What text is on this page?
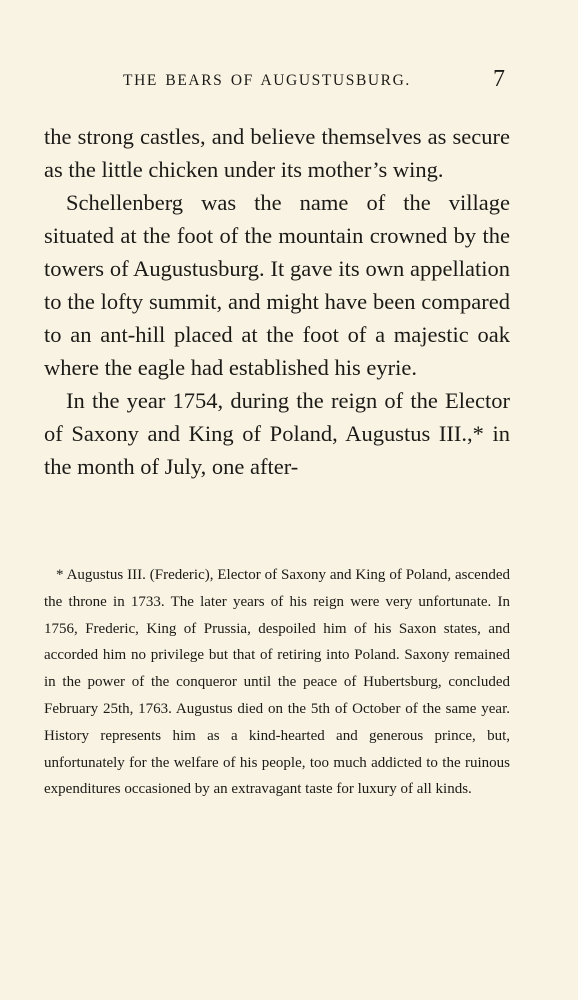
THE BEARS OF AUGUSTUSBURG.	7

the strong castles, and believe themselves as secure as the little chicken under its mother’s wing.

Schellenberg was the name of the village situated at the foot of the mountain crowned by the towers of Augustusburg. It gave its own appellation to the lofty summit, and might have been compared to an ant-hill placed at the foot of a majestic oak where the eagle had established his eyrie.

In the year 1754, during the reign of the Elector of Saxony and King of Poland, Augustus III.,* in the month of July, one after-

* Augustus III. (Frederic), Elector of Saxony and King of Poland, ascended the throne in 1733. The later years of his reign were very unfortunate. In 1756, Frederic, King of Prussia, despoiled him of his Saxon states, and accorded him no privilege but that of retiring into Poland. Saxony remained in the power of the conqueror until the peace of Hubertsburg, concluded February 25th, 1763. Augustus died on the 5th of October of the same year. History represents him as a kind-hearted and generous prince, but, unfortunately for the welfare of his people, too much addicted to the ruinous expenditures occasioned by an extravagant taste for luxury of all kinds.
